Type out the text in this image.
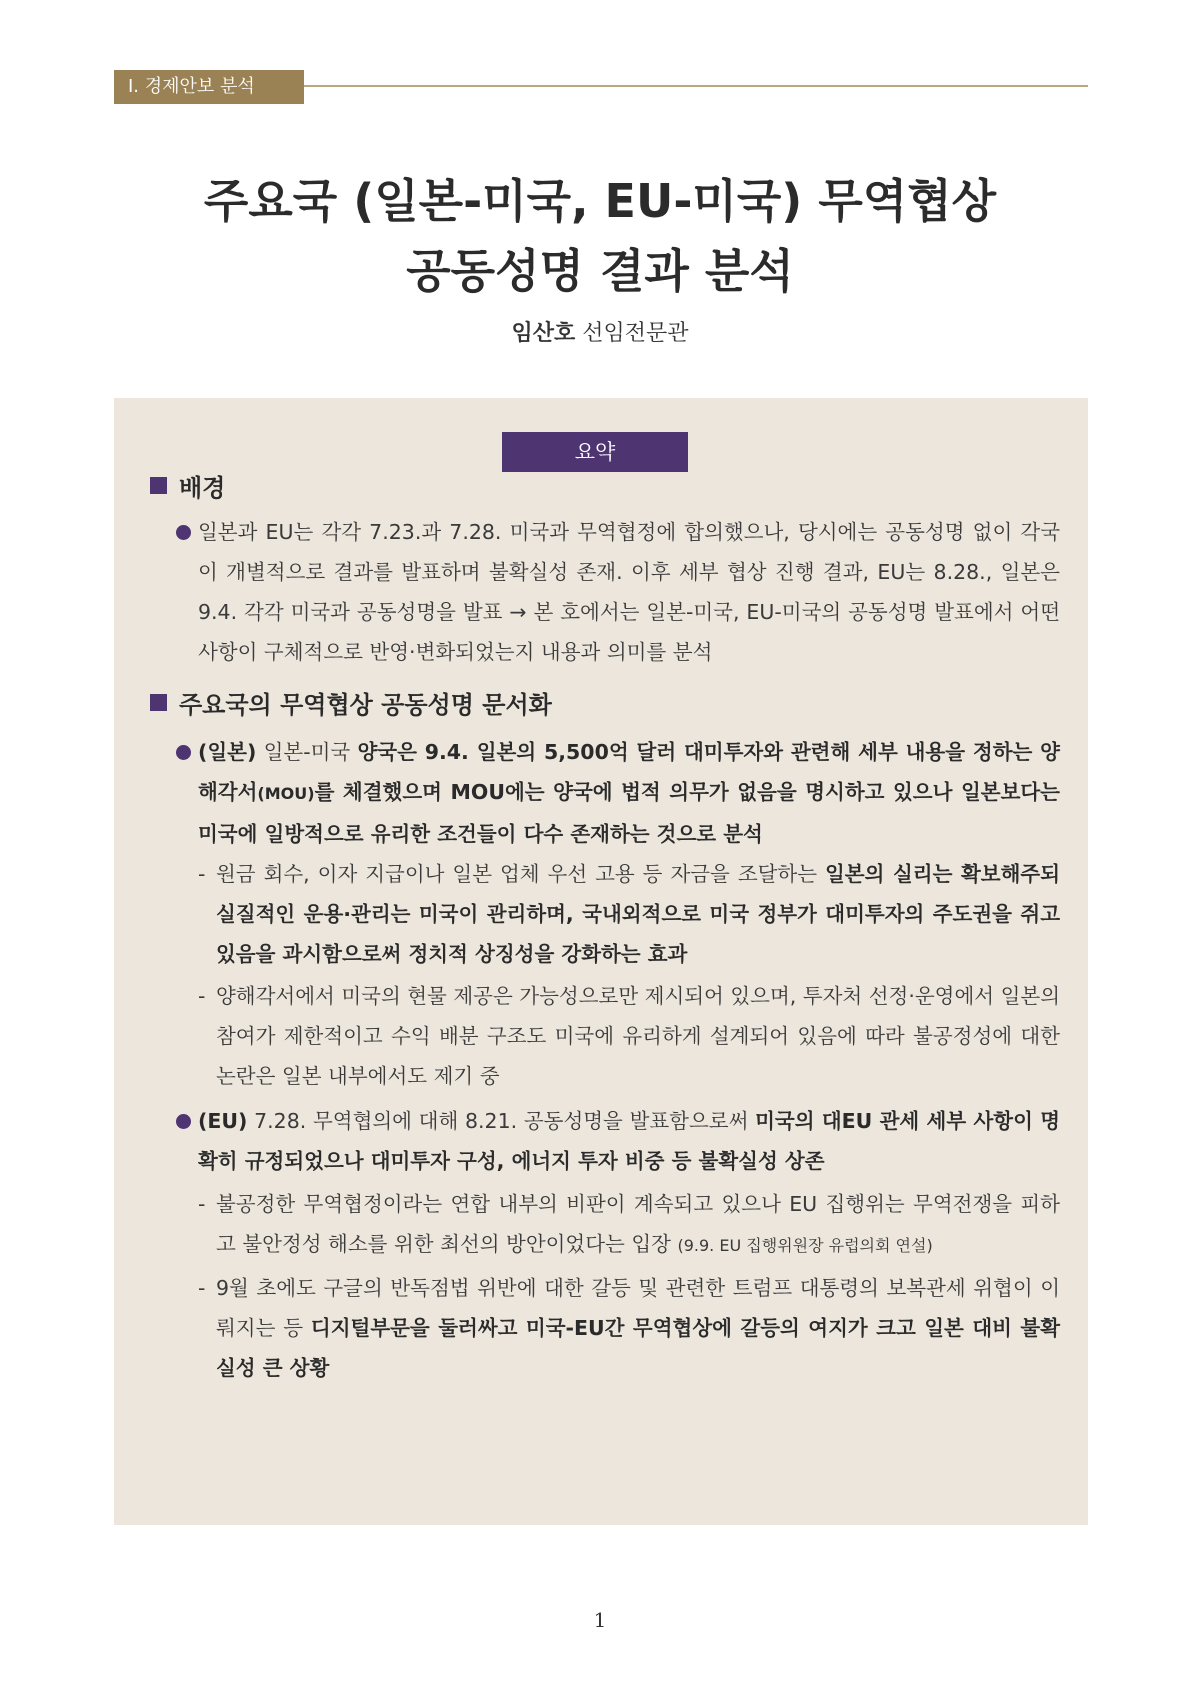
Ⅰ. 경제안보 분석
주요국 (일본-미국, EU-미국) 무역협상
공동성명 결과 분석
임산호 선임전문관
요약
배경
일본과 EU는 각각 7.23.과 7.28. 미국과 무역협정에 합의했으나, 당시에는 공동성명 없이 각국이 개별적으로 결과를 발표하며 불확실성 존재. 이후 세부 협상 진행 결과, EU는 8.28., 일본은 9.4. 각각 미국과 공동성명을 발표 → 본 호에서는 일본-미국, EU-미국의 공동성명 발표에서 어떤 사항이 구체적으로 반영·변화되었는지 내용과 의미를 분석
주요국의 무역협상 공동성명 문서화
(일본) 일본-미국 양국은 9.4. 일본의 5,500억 달러 대미투자와 관련해 세부 내용을 정하는 양해각서(MOU)를 체결했으며 MOU에는 양국에 법적 의무가 없음을 명시하고 있으나 일본보다는 미국에 일방적으로 유리한 조건들이 다수 존재하는 것으로 분석
- 원금 회수, 이자 지급이나 일본 업체 우선 고용 등 자금을 조달하는 일본의 실리는 확보해주되 실질적인 운용·관리는 미국이 관리하며, 국내외적으로 미국 정부가 대미투자의 주도권을 쥐고 있음을 과시함으로써 정치적 상징성을 강화하는 효과
- 양해각서에서 미국의 현물 제공은 가능성으로만 제시되어 있으며, 투자처 선정·운영에서 일본의 참여가 제한적이고 수익 배분 구조도 미국에 유리하게 설계되어 있음에 따라 불공정성에 대한 논란은 일본 내부에서도 제기 중
(EU) 7.28. 무역협의에 대해 8.21. 공동성명을 발표함으로써 미국의 대EU 관세 세부 사항이 명확히 규정되었으나 대미투자 구성, 에너지 투자 비중 등 불확실성 상존
- 불공정한 무역협정이라는 연합 내부의 비판이 계속되고 있으나 EU 집행위는 무역전쟁을 피하고 불안정성 해소를 위한 최선의 방안이었다는 입장 (9.9. EU 집행위원장 유럽의회 연설)
- 9월 초에도 구글의 반독점법 위반에 대한 갈등 및 관련한 트럼프 대통령의 보복관세 위협이 이뤄지는 등 디지털부문을 둘러싸고 미국-EU간 무역협상에 갈등의 여지가 크고 일본 대비 불확실성 큰 상황
1
